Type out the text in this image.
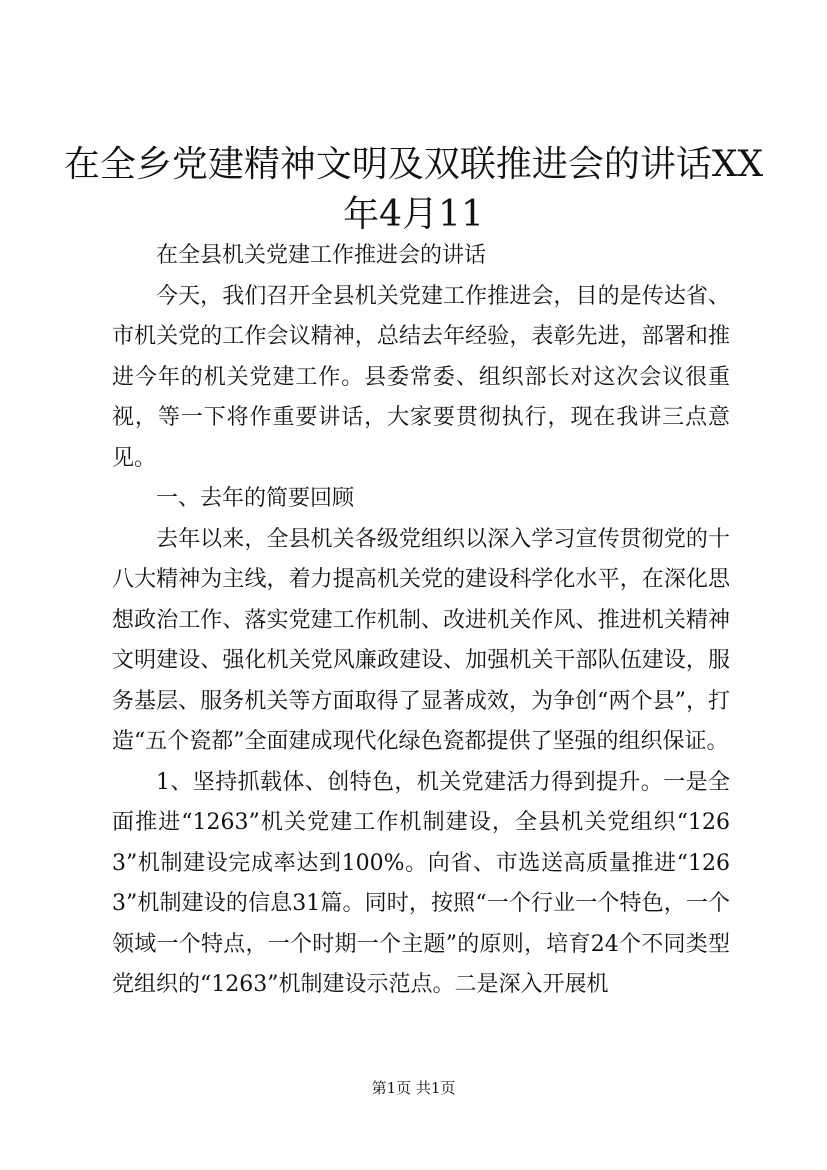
在全乡党建精神文明及双联推进会的讲话XX年4月11

在全县机关党建工作推进会的讲话

今天，我们召开全县机关党建工作推进会，目的是传达省、市机关党的工作会议精神，总结去年经验，表彰先进，部署和推进今年的机关党建工作。县委常委、组织部长对这次会议很重视，等一下将作重要讲话，大家要贯彻执行，现在我讲三点意见。

一、去年的简要回顾

去年以来，全县机关各级党组织以深入学习宣传贯彻党的十八大精神为主线，着力提高机关党的建设科学化水平，在深化思想政治工作、落实党建工作机制、改进机关作风、推进机关精神文明建设、强化机关党风廉政建设、加强机关干部队伍建设，服务基层、服务机关等方面取得了显著成效，为争创“两个县”，打造“五个瓷都”全面建成现代化绿色瓷都提供了坚强的组织保证。

1、坚持抓载体、创特色，机关党建活力得到提升。一是全面推进“1263”机关党建工作机制建设，全县机关党组织“1263”机制建设完成率达到100%。向省、市选送高质量推进“1263”机制建设的信息31篇。同时，按照“一个行业一个特色，一个领域一个特点，一个时期一个主题”的原则，培育24个不同类型党组织的“1263”机制建设示范点。二是深入开展机

第1页 共1页
